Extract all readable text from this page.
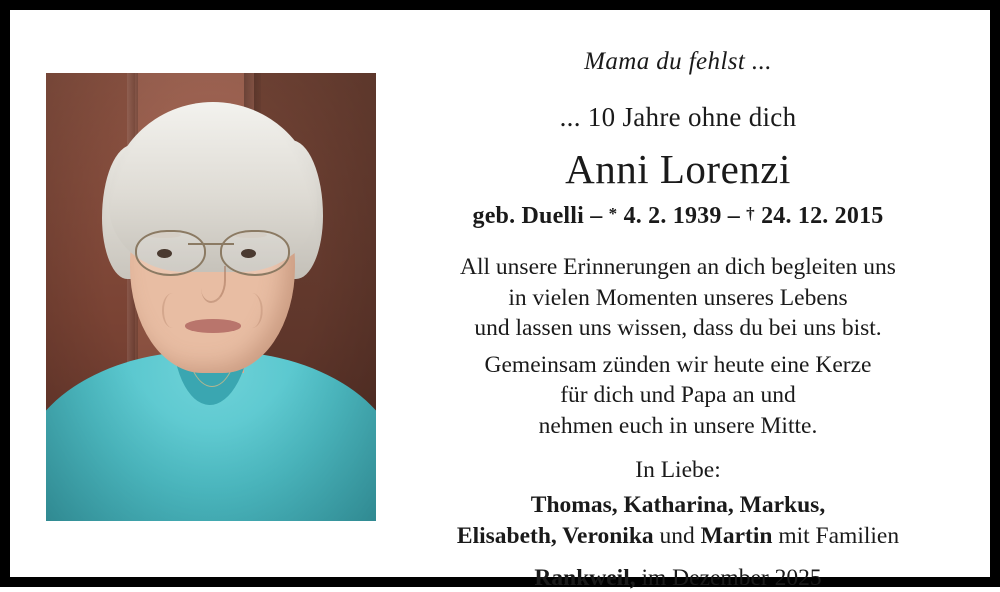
Mama du fehlst ...

... 10 Jahre ohne dich

Anni Lorenzi

geb. Duelli – * 4. 2. 1939 – † 24. 12. 2015

All unsere Erinnerungen an dich begleiten uns
in vielen Momenten unseres Lebens
und lassen uns wissen, dass du bei uns bist.
Gemeinsam zünden wir heute eine Kerze
für dich und Papa an und
nehmen euch in unsere Mitte.

In Liebe:

Thomas, Katharina, Markus,
Elisabeth, Veronika und Martin mit Familien

Rankweil, im Dezember 2025
